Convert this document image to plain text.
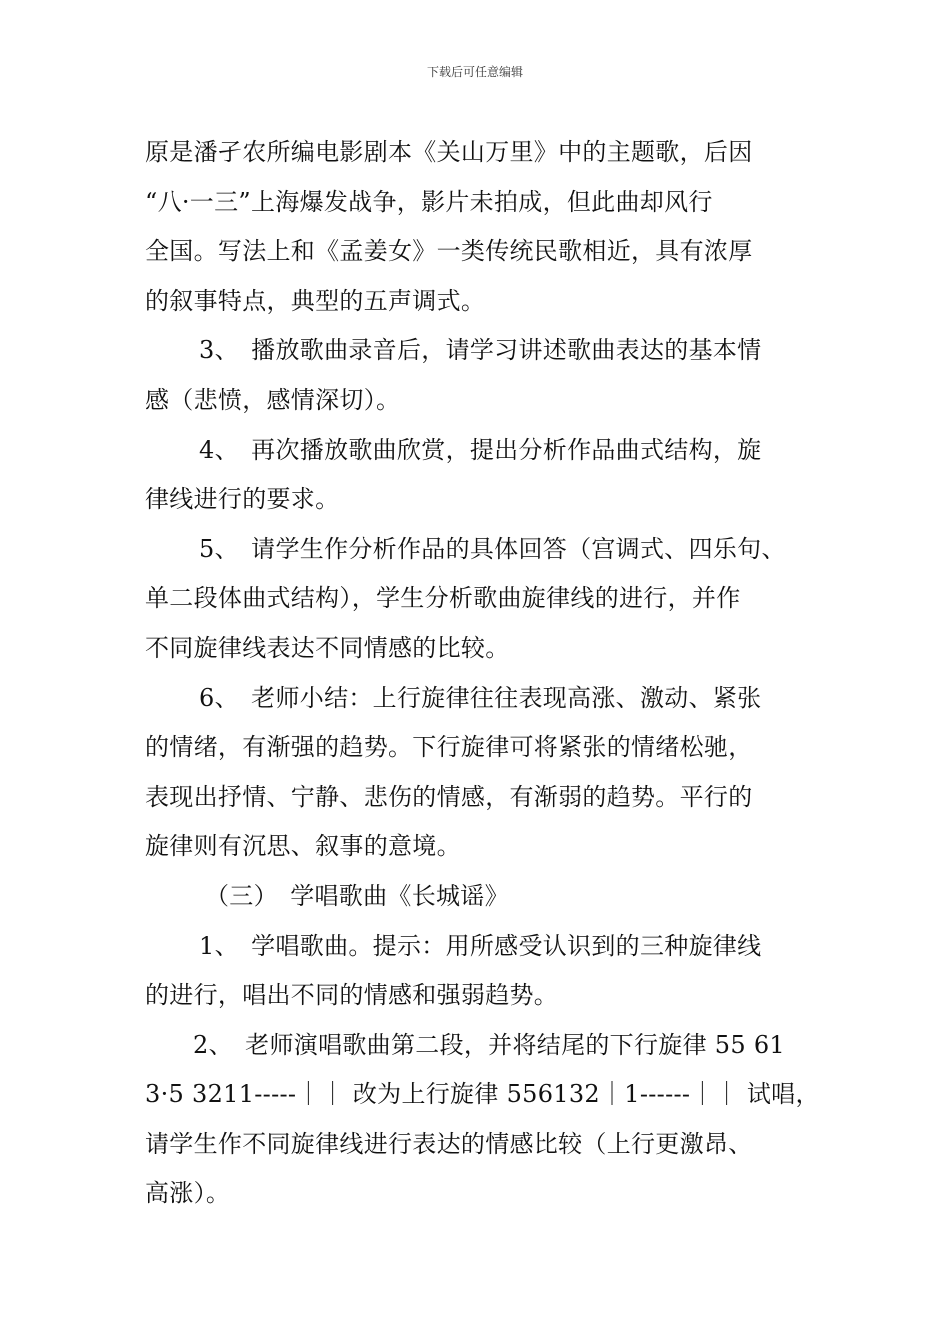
下载后可任意编辑

原是潘孑农所编电影剧本《关山万里》中的主题歌，后因

“八·一三”上海爆发战争，影片未拍成，但此曲却风行

全国。写法上和《孟姜女》一类传统民歌相近，具有浓厚

的叙事特点，典型的五声调式。

3、　播放歌曲录音后，请学习讲述歌曲表达的基本情

感（悲愤，感情深切）。

4、　再次播放歌曲欣赏，提出分析作品曲式结构，旋

律线进行的要求。

5、　请学生作分析作品的具体回答（宫调式、四乐句、

单二段体曲式结构），学生分析歌曲旋律线的进行，并作

不同旋律线表达不同情感的比较。

6、　老师小结：上行旋律往往表现高涨、激动、紧张

的情绪，有渐强的趋势。下行旋律可将紧张的情绪松驰，

表现出抒情、宁静、悲伤的情感，有渐弱的趋势。平行的

旋律则有沉思、叙事的意境。

（三）　学唱歌曲《长城谣》

1、　学唱歌曲。提示：用所感受认识到的三种旋律线

的进行，唱出不同的情感和强弱趋势。

2、　老师演唱歌曲第二段，并将结尾的下行旋律 55 61

3·5 3211-----｜｜ 改为上行旋律 556132｜1------｜｜ 试唱，

请学生作不同旋律线进行表达的情感比较（上行更激昂、

高涨）。
